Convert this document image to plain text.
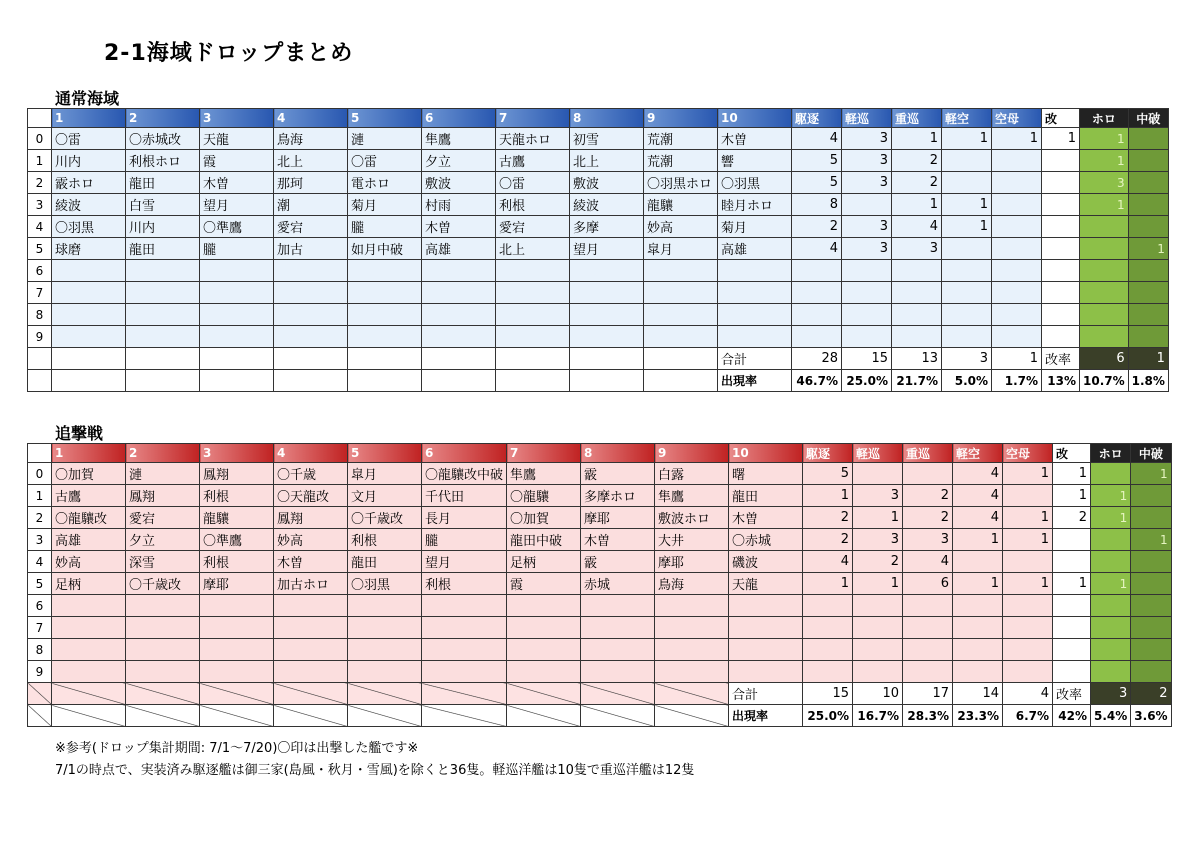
2-1海域ドロップまとめ
通常海域
	1	2	3	4	5	6	7	8	9	10	駆逐	軽巡	重巡	軽空	空母	改	ホロ	中破
0	〇雷	〇赤城改	天龍	鳥海	漣	隼鷹	天龍ホロ	初雪	荒潮	木曽	4	3	1	1	1	1	1	
1	川内	利根ホロ	霞	北上	〇雷	夕立	古鷹	北上	荒潮	響	5	3	2				1	
2	霰ホロ	龍田	木曽	那珂	電ホロ	敷波	〇雷	敷波	〇羽黒ホロ	〇羽黒	5	3	2				3	
3	綾波	白雪	望月	潮	菊月	村雨	利根	綾波	龍驤	睦月ホロ	8		1	1			1	
4	〇羽黒	川内	〇準鷹	愛宕	朧	木曽	愛宕	多摩	妙高	菊月	2	3	4	1				
5	球磨	龍田	朧	加古	如月中破	高雄	北上	望月	皐月	高雄	4	3	3					1
6																		
7																		
8																		
9																		
										合計	28	15	13	3	1	改率	6	1
										出現率	46.7%	25.0%	21.7%	5.0%	1.7%	13%	10.7%	1.8%
追撃戦
	1	2	3	4	5	6	7	8	9	10	駆逐	軽巡	重巡	軽空	空母	改	ホロ	中破
0	〇加賀	漣	鳳翔	〇千歳	皐月	〇龍驤改中破	隼鷹	霰	白露	曙	5			4	1	1		1
1	古鷹	鳳翔	利根	〇天龍改	文月	千代田	〇龍驤	多摩ホロ	隼鷹	龍田	1	3	2	4		1	1	
2	〇龍驤改	愛宕	龍驤	鳳翔	〇千歳改	長月	〇加賀	摩耶	敷波ホロ	木曽	2	1	2	4	1	2	1	
3	高雄	夕立	〇準鷹	妙高	利根	朧	龍田中破	木曽	大井	〇赤城	2	3	3	1	1			1
4	妙高	深雪	利根	木曽	龍田	望月	足柄	霰	摩耶	磯波	4	2	4					
5	足柄	〇千歳改	摩耶	加古ホロ	〇羽黒	利根	霞	赤城	鳥海	天龍	1	1	6	1	1	1	1	
6																		
7																		
8																		
9																		
										合計	15	10	17	14	4	改率	3	2
										出現率	25.0%	16.7%	28.3%	23.3%	6.7%	42%	5.4%	3.6%
※参考(ドロップ集計期間: 7/1～7/20)〇印は出撃した艦です※
7/1の時点で、実装済み駆逐艦は御三家(島風・秋月・雪風)を除くと36隻。軽巡洋艦は10隻で重巡洋艦は12隻
